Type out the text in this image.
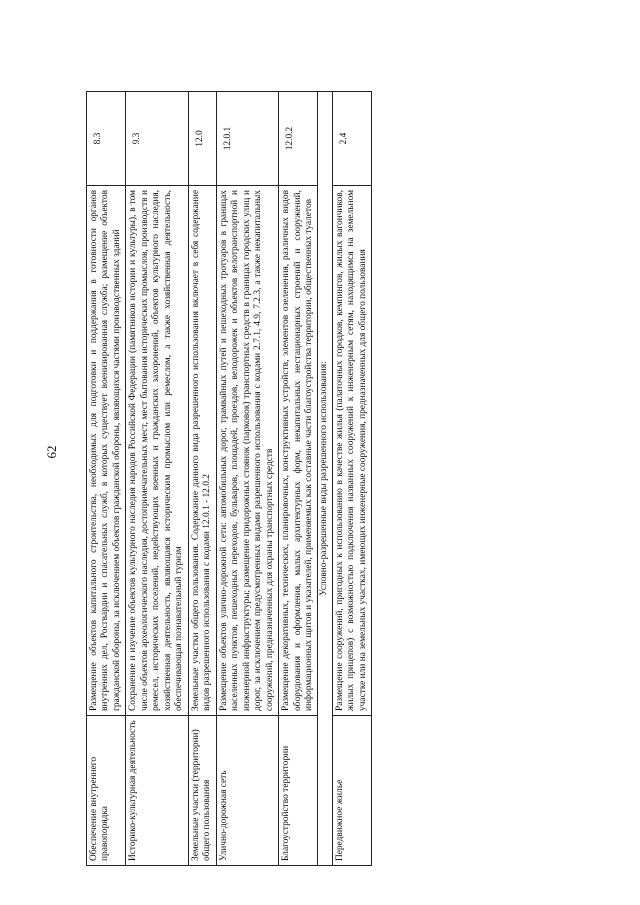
62
Обеспечение внутреннего правопорядка	Размещение объектов капитального строительства, необходимых для подготовки и поддержания в готовности органов внутренних дел, Росгвардии и спасательных служб, в которых существует военизированная служба; размещение объектов гражданской обороны, за исключением объектов гражданской обороны, являющихся частями производственных зданий	8.3
Историко-культурная деятельность	Сохранение и изучение объектов культурного наследия народов Российской Федерации (памятников истории и культуры), в том числе объектов археологического наследия, достопримечательных мест, мест бытования исторических промыслов, производств и ремесел, исторических поселений, недействующих военных и гражданских захоронений, объектов культурного наследия, хозяйственная деятельность, являющаяся историческим промыслом или ремеслом, а также хозяйственная деятельность, обеспечивающая познавательный туризм	9.3
Земельные участки (территории) общего пользования	Земельные участки общего пользования. Содержание данного вида разрешенного использования включает в себя содержание видов разрешенного использования с кодами 12.0.1 - 12.0.2	12.0
Улично-дорожная сеть	Размещение объектов улично-дорожной сети: автомобильных дорог, трамвайных путей и пешеходных тротуаров в границах населенных пунктов, пешеходных переходов, бульваров, площадей, проездов, велодорожек и объектов велотранспортной и инженерной инфраструктуры; размещение придорожных стоянок (парковок) транспортных средств в границах городских улиц и дорог, за исключением предусмотренных видами разрешенного использования с кодами 2.7.1, 4.9, 7.2.3, а также некапитальных сооружений, предназначенных для охраны транспортных средств	12.0.1
Благоустройство территории	Размещение декоративных, технических, планировочных, конструктивных устройств, элементов озеленения, различных видов оборудования и оформления, малых архитектурных форм, некапитальных нестационарных строений и сооружений, информационных щитов и указателей, применяемых как составные части благоустройства территории, общественных туалетов	12.0.2
Условно-разрешенные виды разрешенного использования:		
Передвижное жилье	Размещение сооружений, пригодных к использованию в качестве жилья (палаточных городков, кемпингов, жилых вагончиков, жилых прицепов) с возможностью подключения названных сооружений к инженерным сетям, находящимся на земельном участке или на земельных участках, имеющих инженерные сооружения, предназначенных для общего пользования	2.4
